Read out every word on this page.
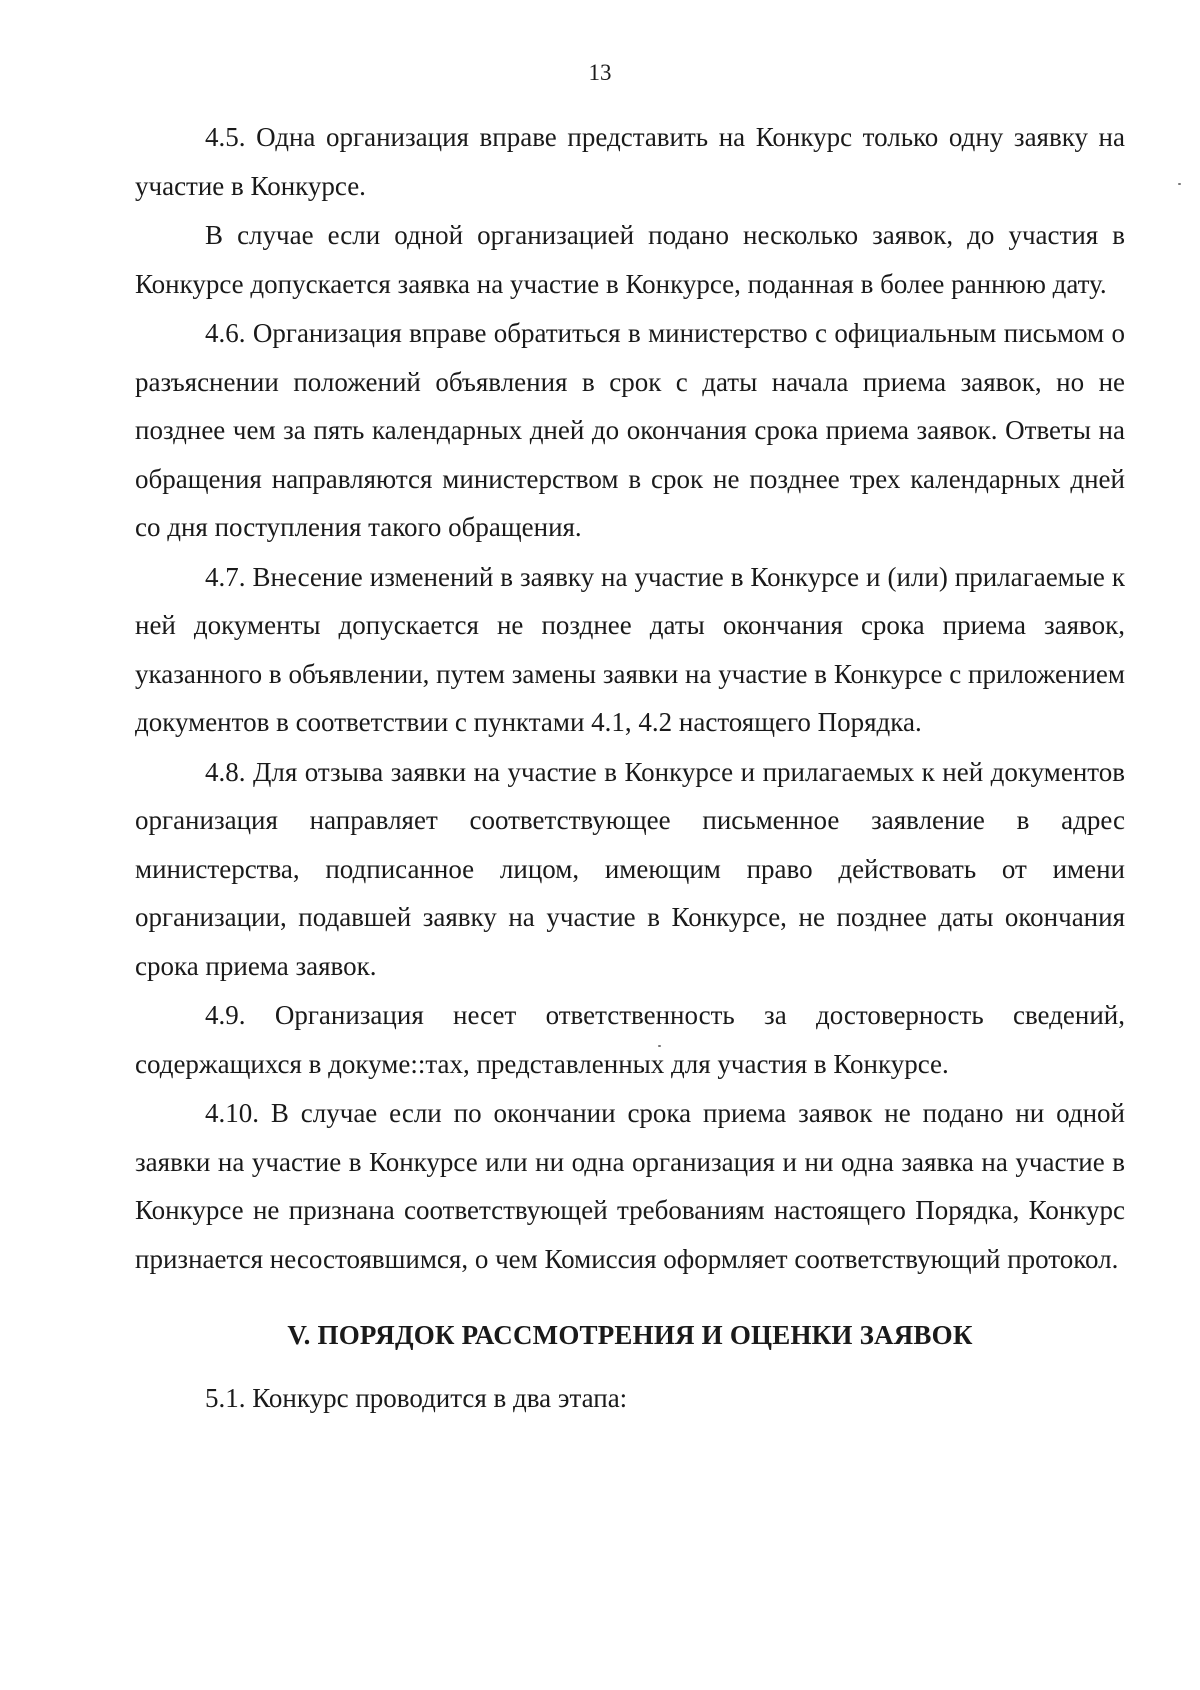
13

4.5. Одна организация вправе представить на Конкурс только одну заявку на участие в Конкурсе.

В случае если одной организацией подано несколько заявок, до участия в Конкурсе допускается заявка на участие в Конкурсе, поданная в более раннюю дату.

4.6. Организация вправе обратиться в министерство с официальным письмом о разъяснении положений объявления в срок с даты начала приема заявок, но не позднее чем за пять календарных дней до окончания срока приема заявок. Ответы на обращения направляются министерством в срок не позднее трех календарных дней со дня поступления такого обращения.

4.7. Внесение изменений в заявку на участие в Конкурсе и (или) прилагаемые к ней документы допускается не позднее даты окончания срока приема заявок, указанного в объявлении, путем замены заявки на участие в Конкурсе с приложением документов в соответствии с пунктами 4.1, 4.2 настоящего Порядка.

4.8. Для отзыва заявки на участие в Конкурсе и прилагаемых к ней документов организация направляет соответствующее письменное заявление в адрес министерства, подписанное лицом, имеющим право действовать от имени организации, подавшей заявку на участие в Конкурсе, не позднее даты окончания срока приема заявок.

4.9. Организация несет ответственность за достоверность сведений, содержащихся в докуме::тах, представленных для участия в Конкурсе.

4.10. В случае если по окончании срока приема заявок не подано ни одной заявки на участие в Конкурсе или ни одна организация и ни одна заявка на участие в Конкурсе не признана соответствующей требованиям настоящего Порядка, Конкурс признается несостоявшимся, о чем Комиссия оформляет соответствующий протокол.

V. ПОРЯДОК РАССМОТРЕНИЯ И ОЦЕНКИ ЗАЯВОК

5.1. Конкурс проводится в два этапа:
